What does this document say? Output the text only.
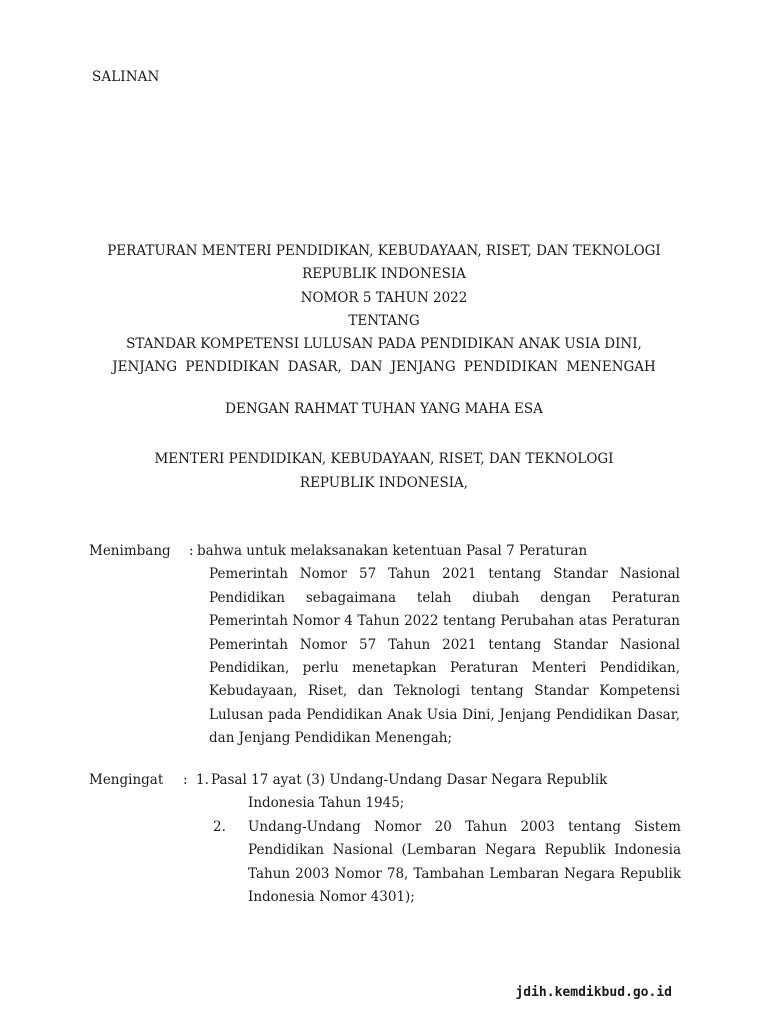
SALINAN
PERATURAN MENTERI PENDIDIKAN, KEBUDAYAAN, RISET, DAN TEKNOLOGI
REPUBLIK INDONESIA
NOMOR 5 TAHUN 2022
TENTANG
STANDAR KOMPETENSI LULUSAN PADA PENDIDIKAN ANAK USIA DINI,
JENJANG PENDIDIKAN DASAR, DAN JENJANG PENDIDIKAN MENENGAH
DENGAN RAHMAT TUHAN YANG MAHA ESA
MENTERI PENDIDIKAN, KEBUDAYAAN, RISET, DAN TEKNOLOGI
REPUBLIK INDONESIA,
Menimbang : bahwa untuk melaksanakan ketentuan Pasal 7 Peraturan
Pemerintah Nomor 57 Tahun 2021 tentang Standar Nasional Pendidikan sebagaimana telah diubah dengan Peraturan Pemerintah Nomor 4 Tahun 2022 tentang Perubahan atas Peraturan Pemerintah Nomor 57 Tahun 2021 tentang Standar Nasional Pendidikan, perlu menetapkan Peraturan Menteri Pendidikan, Kebudayaan, Riset, dan Teknologi tentang Standar Kompetensi Lulusan pada Pendidikan Anak Usia Dini, Jenjang Pendidikan Dasar, dan Jenjang Pendidikan Menengah;
Mengingat : 1. Pasal 17 ayat (3) Undang-Undang Dasar Negara Republik
Indonesia Tahun 1945;
2. Undang-Undang Nomor 20 Tahun 2003 tentang Sistem Pendidikan Nasional (Lembaran Negara Republik Indonesia Tahun 2003 Nomor 78, Tambahan Lembaran Negara Republik Indonesia Nomor 4301);
jdih.kemdikbud.go.id
